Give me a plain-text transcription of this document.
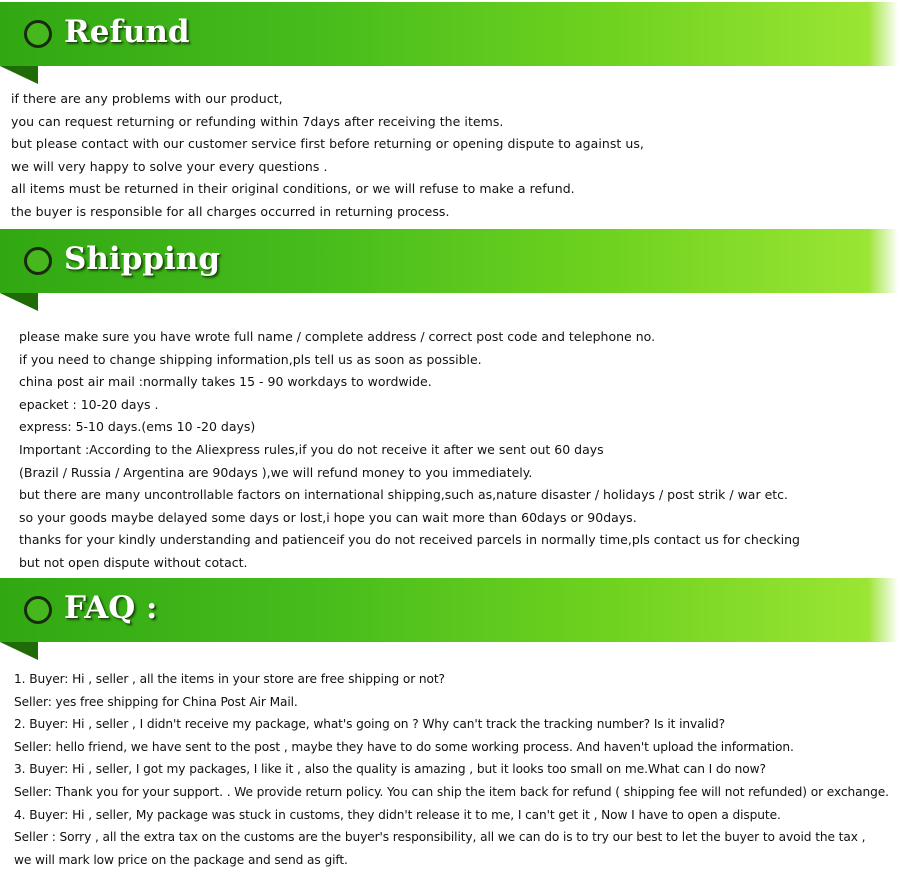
Refund
if there are any problems with our product,
you can request returning or refunding within 7days after receiving the items.
but please contact with our customer service first before returning or opening dispute to against us,
we will very happy to solve your every questions .
all items must be returned in their original conditions, or we will refuse to make a refund.
the buyer is responsible for all charges occurred in returning process.
Shipping
please make sure you have wrote full name / complete address / correct post code and telephone no.
if you need to change shipping information,pls tell us as soon as possible.
china post air mail :normally takes 15 - 90 workdays to wordwide.
epacket : 10-20 days .
express: 5-10 days.(ems 10 -20 days)
Important :According to the Aliexpress rules,if you do not receive it after we sent out 60 days
(Brazil / Russia / Argentina are 90days ),we will refund money to you immediately.
but there are many uncontrollable factors on international shipping,such as,nature disaster / holidays / post strik / war etc.
so your goods maybe delayed some days or lost,i hope you can wait more than 60days or 90days.
thanks for your kindly understanding and patienceif you do not received parcels in normally time,pls contact us for checking
but not open dispute without cotact.
FAQ :
1. Buyer: Hi , seller , all the items in your store are free shipping or not?
Seller: yes free shipping for China Post Air Mail.
2. Buyer: Hi , seller , I didn't receive my package, what's going on ? Why can't track the tracking number? Is it invalid?
Seller: hello friend, we have sent to the post , maybe they have to do some working process. And haven't upload the information.
3. Buyer: Hi , seller, I got my packages, I like it , also the quality is amazing , but it looks too small on me.What can I do now?
Seller: Thank you for your support. . We provide return policy. You can ship the item back for refund ( shipping fee will not refunded) or exchange.
4. Buyer: Hi , seller, My package was stuck in customs, they didn't release it to me, I can't get it , Now I have to open a dispute.
Seller : Sorry , all the extra tax on the customs are the buyer's responsibility, all we can do is to try our best to let the buyer to avoid the tax ,
we will mark low price on the package and send as gift.
